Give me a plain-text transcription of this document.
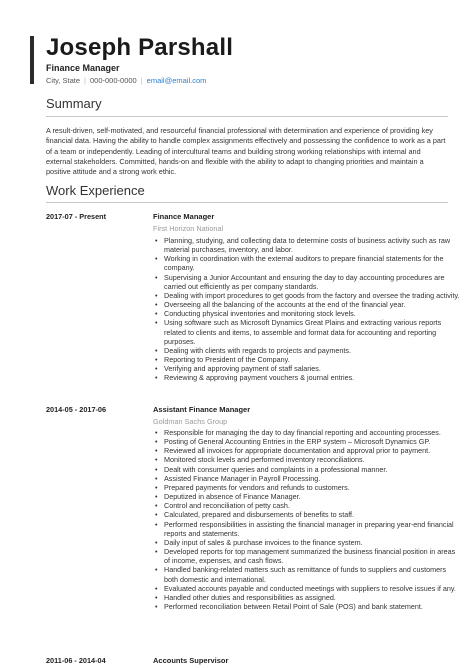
Joseph Parshall
Finance Manager
City, State | 000-000-0000 | email@email.com
Summary

A result-driven, self-motivated, and resourceful financial professional with determination and experience of providing key financial data. Having the ability to handle complex assignments effectively and possessing the confidence to work as a part of a team or independently. Leading of intercultural teams and building strong working relationships with internal and external stakeholders. Committed, hands-on and flexible with the ability to adapt to changing priorities and maintain a positive attitude and a strong work ethic.

Work Experience
2017-07 - Present	Finance Manager
First Horizon National
• Planning, studying, and collecting data to determine costs of business activity such as raw material purchases, inventory, and labor.
• Working in coordination with the external auditors to prepare financial statements for the company.
• Supervising a Junior Accountant and ensuring the day to day accounting procedures are carried out efficiently as per company standards.
• Dealing with import procedures to get goods from the factory and oversee the trading activity.
• Overseeing all the balancing of the accounts at the end of the financial year.
• Conducting physical inventories and monitoring stock levels.
• Using software such as Microsoft Dynamics Great Plains and extracting various reports related to clients and items, to assemble and format data for accounting and reporting purposes.
• Dealing with clients with regards to projects and payments.
• Reporting to President of the Company.
• Verifying and approving payment of staff salaries.
• Reviewing & approving payment vouchers & journal entries.
2014-05 - 2017-06	Assistant Finance Manager
Goldman Sachs Group
• Responsible for managing the day to day financial reporting and accounting processes.
• Posting of General Accounting Entries in the ERP system – Microsoft Dynamics GP.
• Reviewed all invoices for appropriate documentation and approval prior to payment.
• Monitored stock levels and performed inventory reconciliations.
• Dealt with consumer queries and complaints in a professional manner.
• Assisted Finance Manager in Payroll Processing.
• Prepared payments for vendors and refunds to customers.
• Deputized in absence of Finance Manager.
• Control and reconciliation of petty cash.
• Calculated, prepared and disbursements of benefits to staff.
• Performed responsibilities in assisting the financial manager in preparing year-end financial reports and statements.
• Daily input of sales & purchase invoices to the finance system.
• Developed reports for top management summarized the business financial position in areas of income, expenses, and cash flows.
• Handled banking-related matters such as remittance of funds to suppliers and customers both domestic and international.
• Evaluated accounts payable and conducted meetings with suppliers to resolve issues if any.
• Handled other duties and responsibilities as assigned.
• Performed reconciliation between Retail Point of Sale (POS) and bank statement.
2011-06 - 2014-04	Accounts Supervisor
